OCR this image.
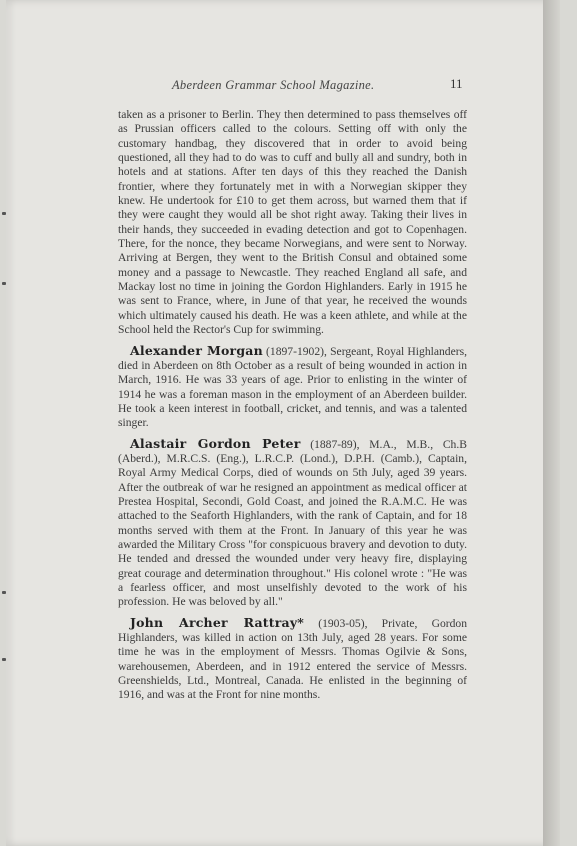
Aberdeen Grammar School Magazine.	11

taken as a prisoner to Berlin. They then determined to pass themselves off as Prussian officers called to the colours. Setting off with only the customary handbag, they discovered that in order to avoid being questioned, all they had to do was to cuff and bully all and sundry, both in hotels and at stations. After ten days of this they reached the Danish frontier, where they fortunately met in with a Norwegian skipper they knew. He undertook for £10 to get them across, but warned them that if they were caught they would all be shot right away. Taking their lives in their hands, they succeeded in evading detection and got to Copenhagen. There, for the nonce, they became Norwegians, and were sent to Norway. Arriving at Bergen, they went to the British Consul and obtained some money and a passage to Newcastle. They reached England all safe, and Mackay lost no time in joining the Gordon Highlanders. Early in 1915 he was sent to France, where, in June of that year, he received the wounds which ultimately caused his death. He was a keen athlete, and while at the School held the Rector's Cup for swimming.

Alexander Morgan (1897-1902), Sergeant, Royal Highlanders, died in Aberdeen on 8th October as a result of being wounded in action in March, 1916. He was 33 years of age. Prior to enlisting in the winter of 1914 he was a foreman mason in the employment of an Aberdeen builder. He took a keen interest in football, cricket, and tennis, and was a talented singer.

Alastair Gordon Peter (1887-89), M.A., M.B., Ch.B (Aberd.), M.R.C.S. (Eng.), L.R.C.P. (Lond.), D.P.H. (Camb.), Captain, Royal Army Medical Corps, died of wounds on 5th July, aged 39 years. After the outbreak of war he resigned an appointment as medical officer at Prestea Hospital, Secondi, Gold Coast, and joined the R.A.M.C. He was attached to the Seaforth Highlanders, with the rank of Captain, and for 18 months served with them at the Front. In January of this year he was awarded the Military Cross "for conspicuous bravery and devotion to duty. He tended and dressed the wounded under very heavy fire, displaying great courage and determination throughout." His colonel wrote : "He was a fearless officer, and most unselfishly devoted to the work of his profession. He was beloved by all."

John Archer Rattray* (1903-05), Private, Gordon Highlanders, was killed in action on 13th July, aged 28 years. For some time he was in the employment of Messrs. Thomas Ogilvie & Sons, warehousemen, Aberdeen, and in 1912 entered the service of Messrs. Greenshields, Ltd., Montreal, Canada. He enlisted in the beginning of 1916, and was at the Front for nine months.
